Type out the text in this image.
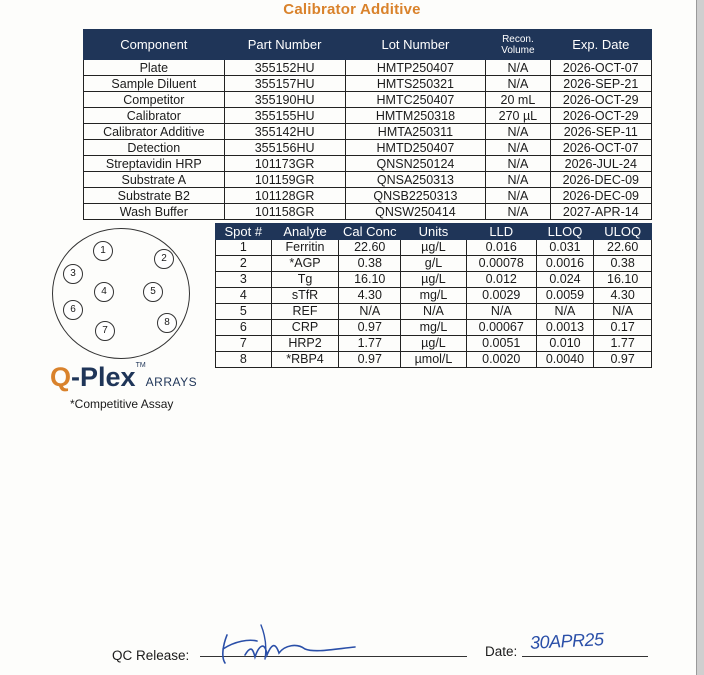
Calibrator Additive
Component	Part Number	Lot Number	Recon. Volume	Exp. Date
Plate	355152HU	HMTP250407	N/A	2026-OCT-07
Sample Diluent	355157HU	HMTS250321	N/A	2026-SEP-21
Competitor	355190HU	HMTC250407	20 mL	2026-OCT-29
Calibrator	355155HU	HMTM250318	270 µL	2026-OCT-29
Calibrator Additive	355142HU	HMTA250311	N/A	2026-SEP-11
Detection	355156HU	HMTD250407	N/A	2026-OCT-07
Streptavidin HRP	101173GR	QNSN250124	N/A	2026-JUL-24
Substrate A	101159GR	QNSA250313	N/A	2026-DEC-09
Substrate B2	101128GR	QNSB2250313	N/A	2026-DEC-09
Wash Buffer	101158GR	QNSW250414	N/A	2027-APR-14
1
2
3
4	5
6
7
8
Spot #	Analyte	Cal Conc	Units	LLD	LLOQ	ULOQ
1	Ferritin	22.60	µg/L	0.016	0.031	22.60
2	*AGP	0.38	g/L	0.00078	0.0016	0.38
3	Tg	16.10	µg/L	0.012	0.024	16.10
4	sTfR	4.30	mg/L	0.0029	0.0059	4.30
5	REF	N/A	N/A	N/A	N/A	N/A
6	CRP	0.97	mg/L	0.00067	0.0013	0.17
7	HRP2	1.77	µg/L	0.0051	0.010	1.77
8	*RBP4	0.97	µmol/L	0.0020	0.0040	0.97
Q-Plex™ARRAYS
*Competitive Assay
QC Release:	Date: 30APR25
